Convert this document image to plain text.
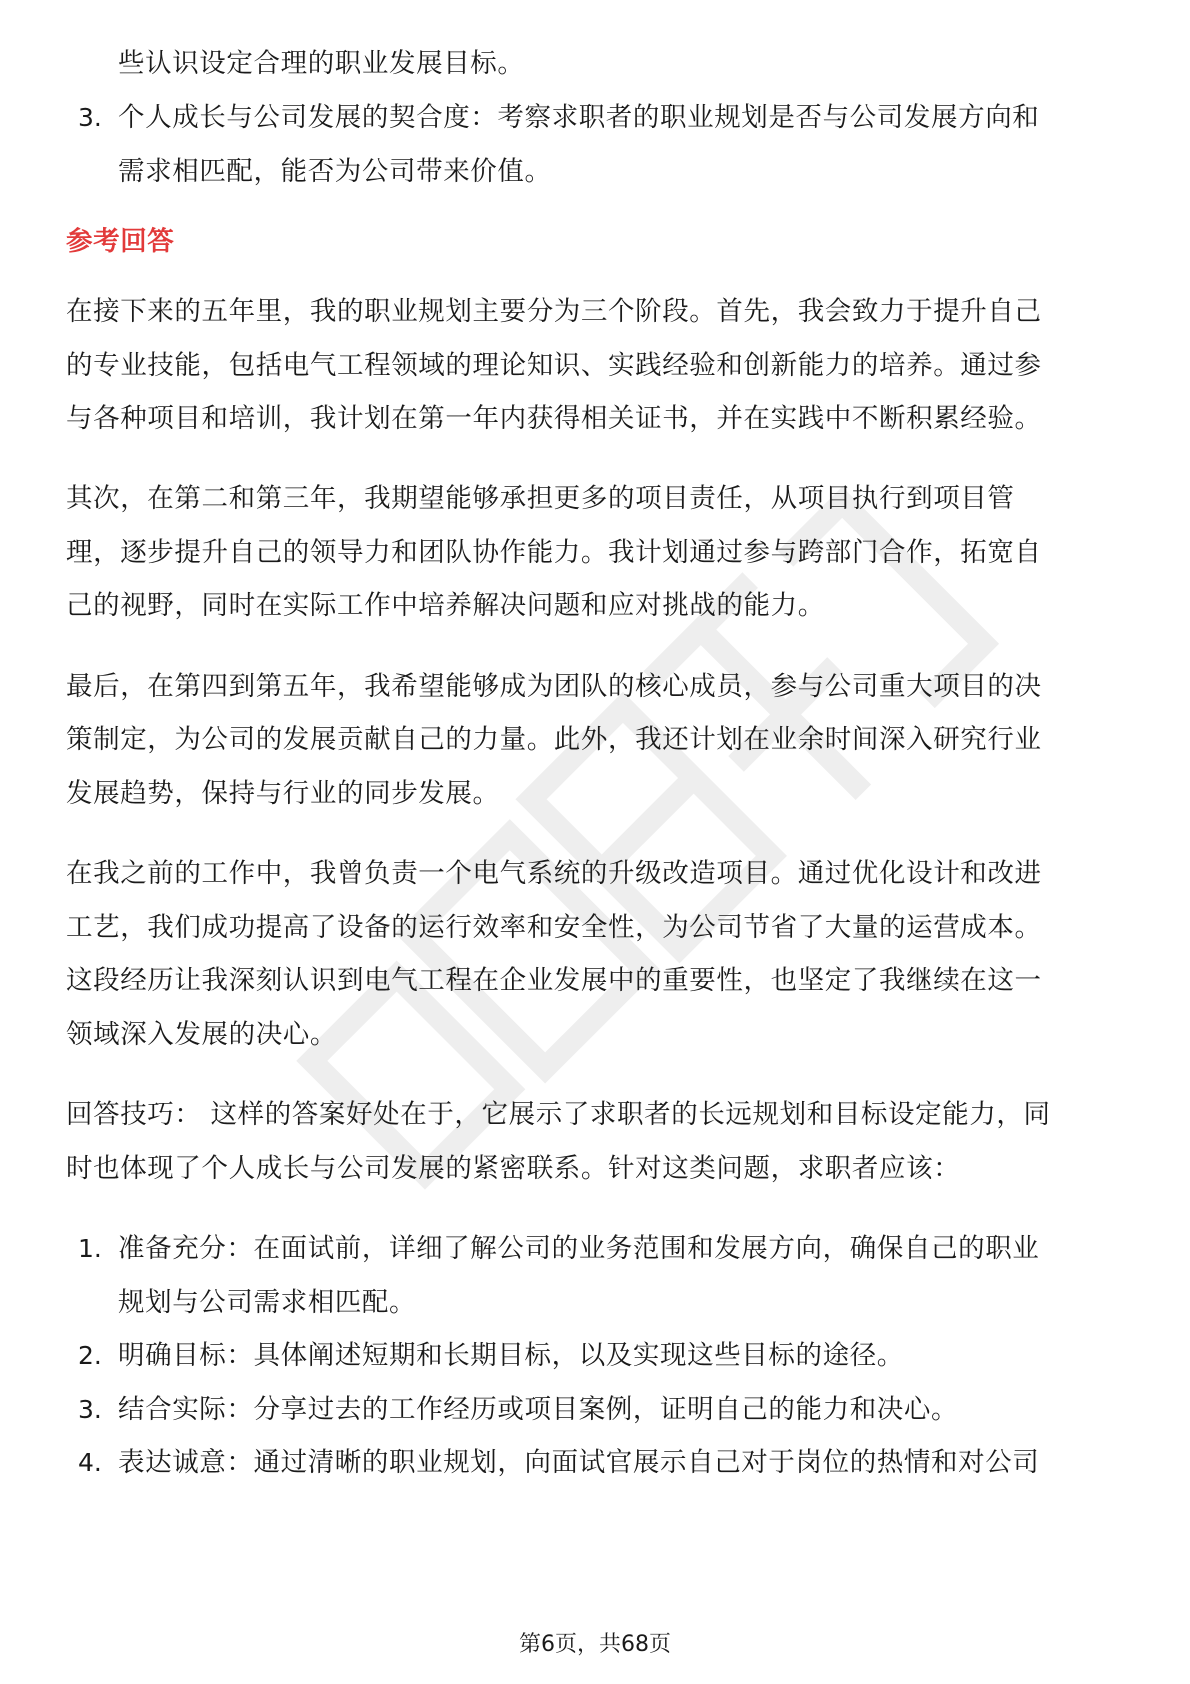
些认识设定合理的职业发展目标。
3. 个人成长与公司发展的契合度：考察求职者的职业规划是否与公司发展方向和
需求相匹配，能否为公司带来价值。
参考回答
在接下来的五年里，我的职业规划主要分为三个阶段。首先，我会致力于提升自己
的专业技能，包括电气工程领域的理论知识、实践经验和创新能力的培养。通过参
与各种项目和培训，我计划在第一年内获得相关证书，并在实践中不断积累经验。
其次，在第二和第三年，我期望能够承担更多的项目责任，从项目执行到项目管
理，逐步提升自己的领导力和团队协作能力。我计划通过参与跨部门合作，拓宽自
己的视野，同时在实际工作中培养解决问题和应对挑战的能力。
最后，在第四到第五年，我希望能够成为团队的核心成员，参与公司重大项目的决
策制定，为公司的发展贡献自己的力量。此外，我还计划在业余时间深入研究行业
发展趋势，保持与行业的同步发展。
在我之前的工作中，我曾负责一个电气系统的升级改造项目。通过优化设计和改进
工艺，我们成功提高了设备的运行效率和安全性，为公司节省了大量的运营成本。
这段经历让我深刻认识到电气工程在企业发展中的重要性，也坚定了我继续在这一
领域深入发展的决心。
回答技巧： 这样的答案好处在于，它展示了求职者的长远规划和目标设定能力，同
时也体现了个人成长与公司发展的紧密联系。针对这类问题，求职者应该：
1. 准备充分：在面试前，详细了解公司的业务范围和发展方向，确保自己的职业
规划与公司需求相匹配。
2. 明确目标：具体阐述短期和长期目标，以及实现这些目标的途径。
3. 结合实际：分享过去的工作经历或项目案例，证明自己的能力和决心。
4. 表达诚意：通过清晰的职业规划，向面试官展示自己对于岗位的热情和对公司
第6页，共68页
